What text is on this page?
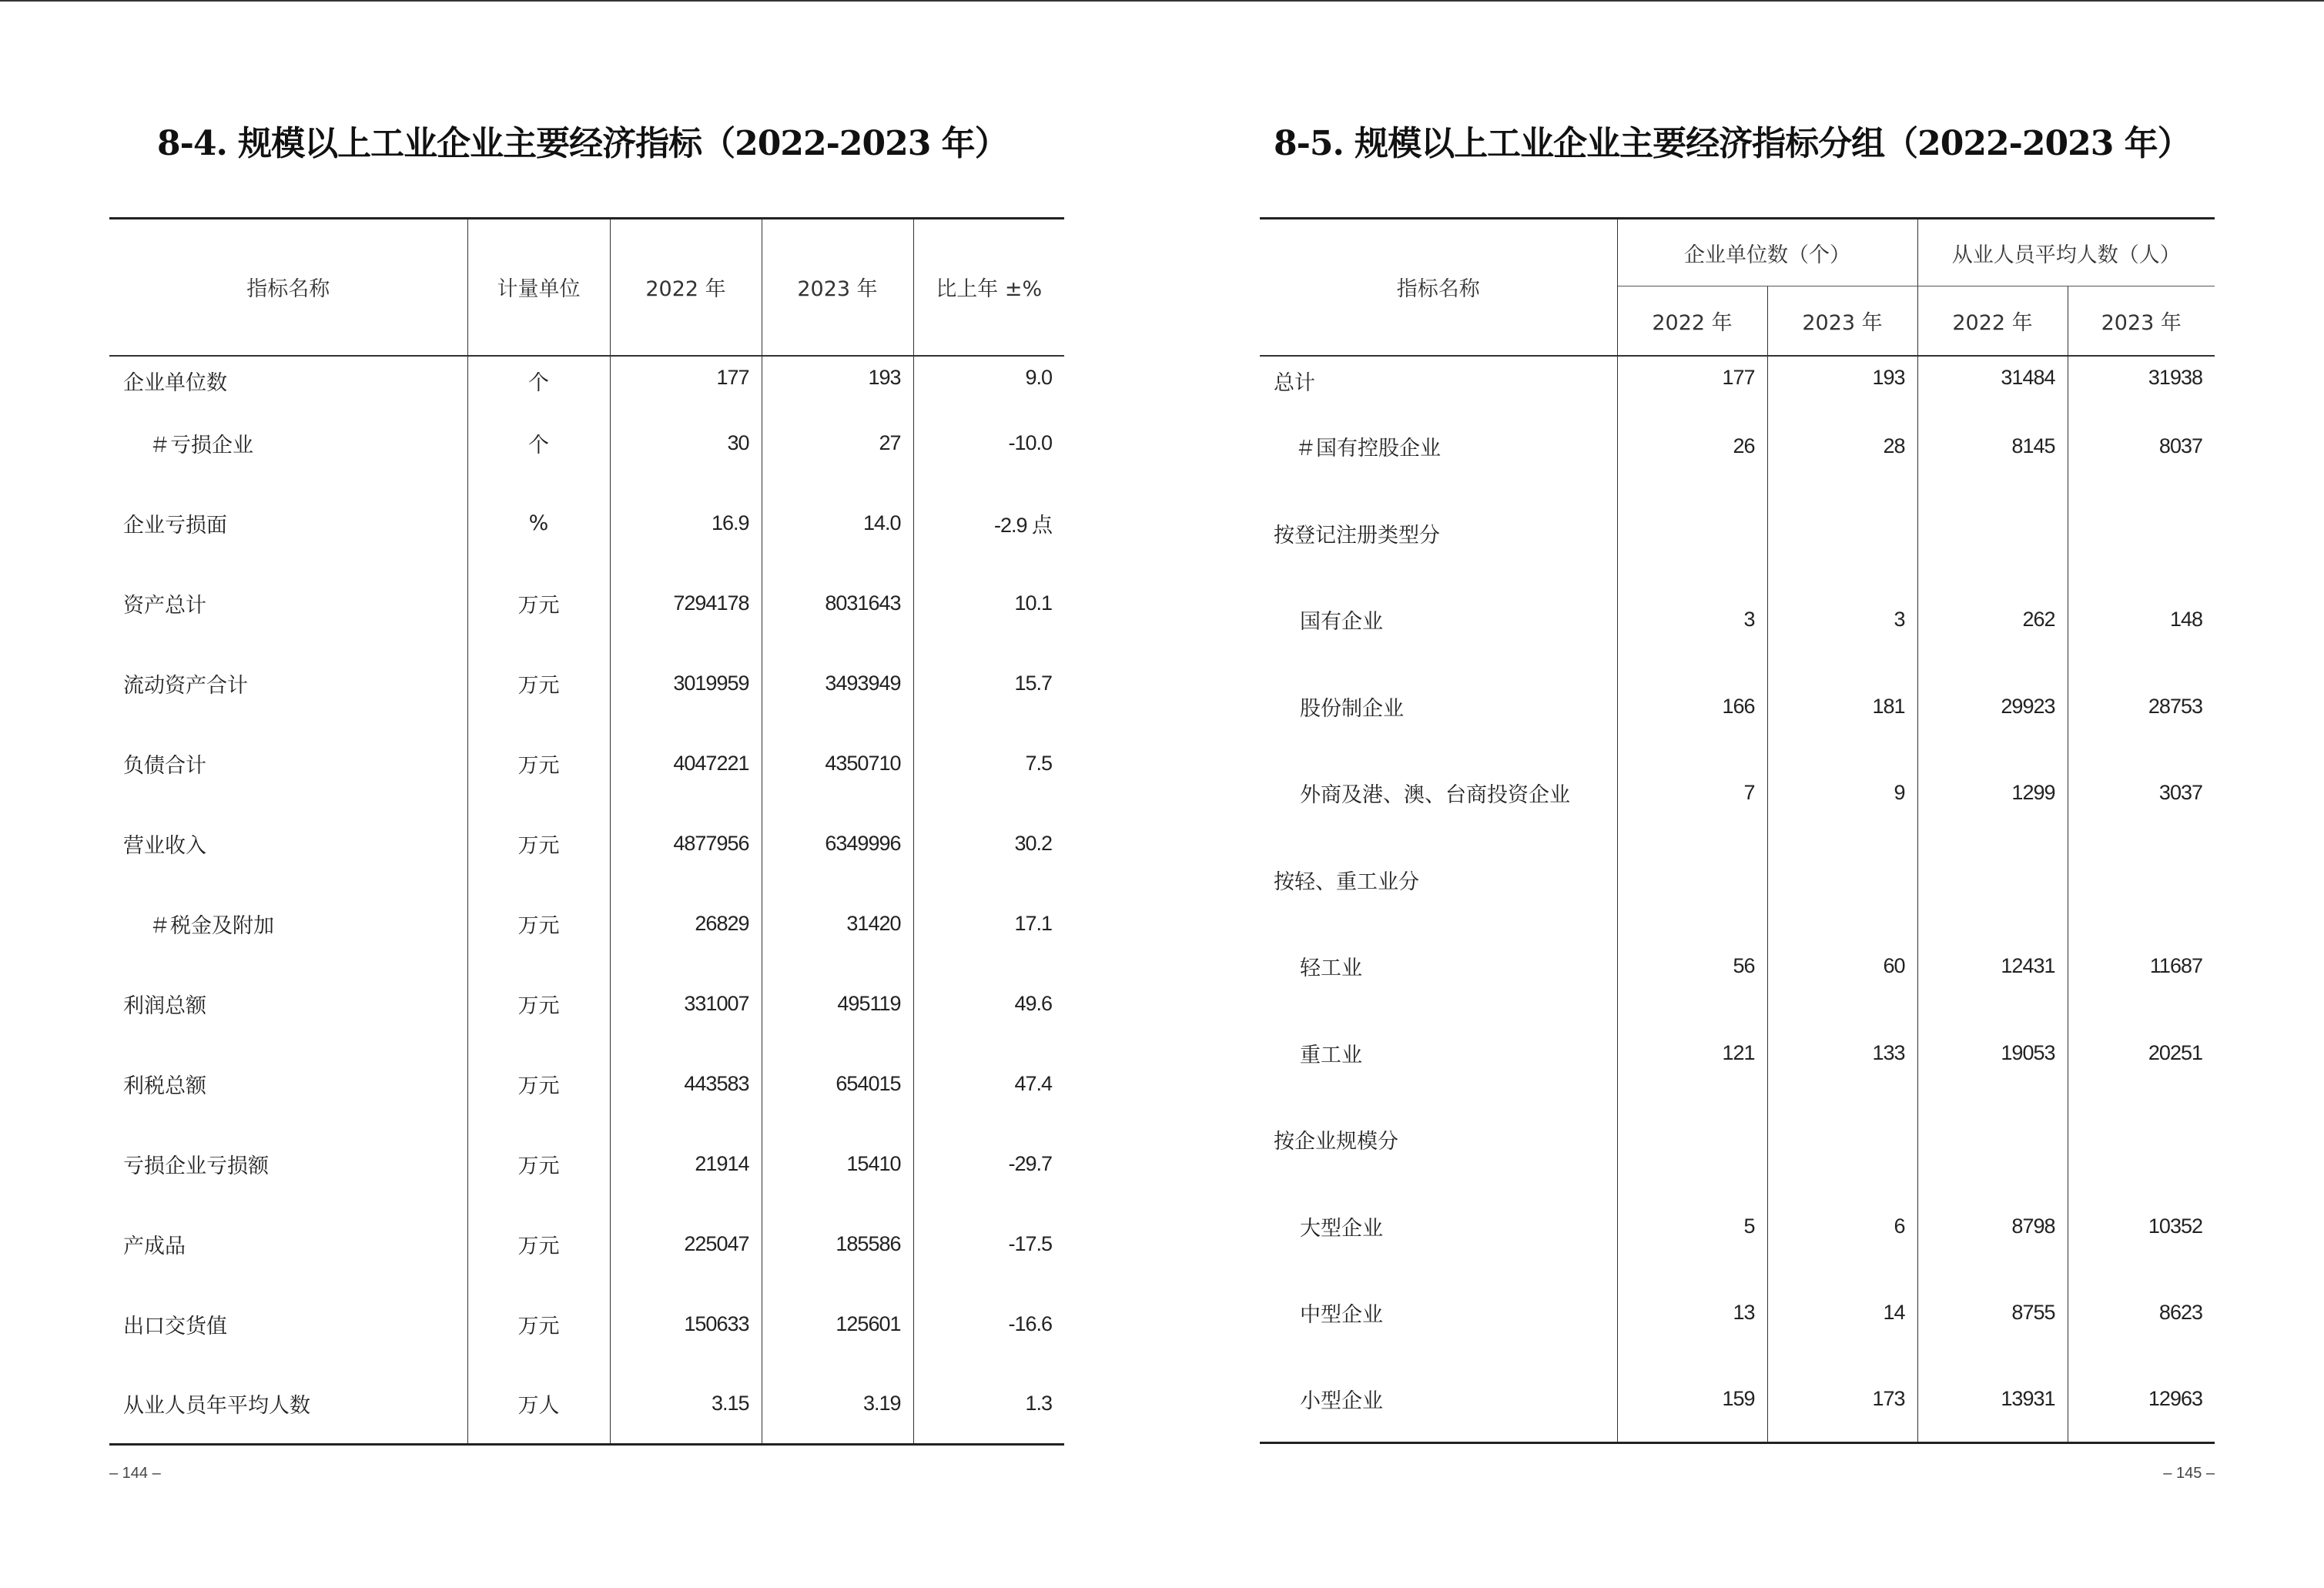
8-4. 规模以上工业企业主要经济指标（2022-2023 年）
指标名称	计量单位	2022 年	2023 年	比上年 ±%
企业单位数	个	177	193	9.0
＃亏损企业	个	30	27	-10.0
企业亏损面	%	16.9	14.0	-2.9 点
资产总计	万元	7294178	8031643	10.1
流动资产合计	万元	3019959	3493949	15.7
负债合计	万元	4047221	4350710	7.5
营业收入	万元	4877956	6349996	30.2
＃税金及附加	万元	26829	31420	17.1
利润总额	万元	331007	495119	49.6
利税总额	万元	443583	654015	47.4
亏损企业亏损额	万元	21914	15410	-29.7
产成品	万元	225047	185586	-17.5
出口交货值	万元	150633	125601	-16.6
从业人员年平均人数	万人	3.15	3.19	1.3
– 144 –
8-5. 规模以上工业企业主要经济指标分组（2022-2023 年）
指标名称	企业单位数（个）		从业人员平均人数（人）	
	2022 年	2023 年	2022 年	2023 年
总计	177	193	31484	31938
＃国有控股企业	26	28	8145	8037
按登记注册类型分				
国有企业	3	3	262	148
股份制企业	166	181	29923	28753
外商及港、澳、台商投资企业	7	9	1299	3037
按轻、重工业分				
轻工业	56	60	12431	11687
重工业	121	133	19053	20251
按企业规模分				
大型企业	5	6	8798	10352
中型企业	13	14	8755	8623
小型企业	159	173	13931	12963
– 145 –
